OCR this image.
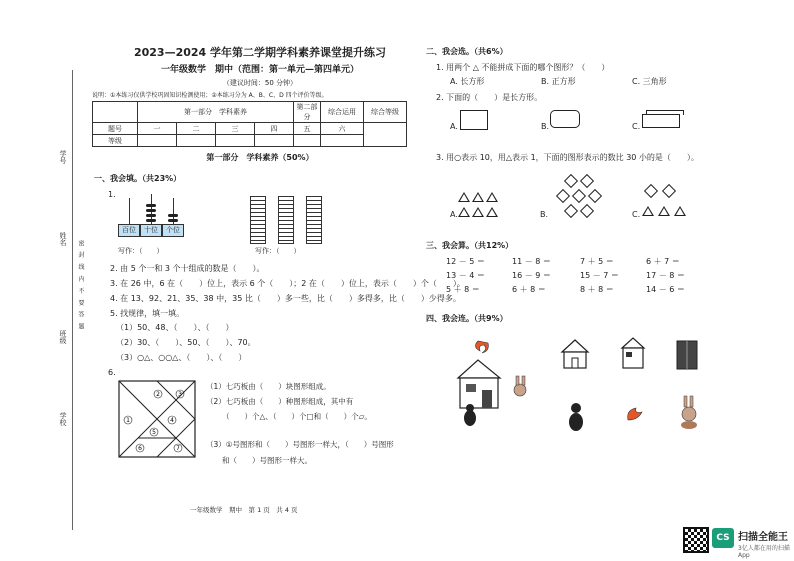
学号
姓名
班级
学校
密 封 线 内 不 要 答 题
2023—2024 学年第二学期学科素养课堂提升练习
一年级数学　期中（范围：第一单元—第四单元）
（建议时间：50 分钟）
说明：①本练习仅供学校巩固知识检测使用；②本练习分为 A、B、C、D 四个评价等级。
	第一部分　学科素养				第二部分	综合运用	综合等级
题号	一	二	三	四	五	六	
等级							
第一部分　学科素养（50%）
一、我会填。（共23%）
1.
百位	十位	个位
写作：（　　）	写作：（　　）
2. 由 5 个一和 3 个十组成的数是（　　）。
3. 在 26 中，6 在（　　）位上，表示 6 个（　　）；2 在（　　）位上，表示（　　）个（　　）。
4. 在 13、92、21、35、38 中，35 比（　　）多一些，比（　　）多得多，比（　　）少得多。
5. 找规律，填一填。
（1）50、48、（　　）、（　　）
（2）30、（　　）、50、（　　）、70。
（3）○△、○○△、（　　）、（　　）
6.
1
2	3
4
5
6	7
（1）七巧板由（　　）块图形组成。
（2）七巧板由（　　）种图形组成，其中有
（　　）个△、（　　）个□和（　　）个▱。
（3）①号图形和（　　）号图形一样大，（　　）号图形
和（　　）号图形一样大。
一年级数学　期中　第 1 页　共 4 页
二、我会选。（共6%）
1. 用两个 △ 不能拼成下面的哪个图形？（　　）
A. 长方形	B. 正方形	C. 三角形
2. 下面的（　　）是长方形。
A.	B.	C.
3. 用○表示 10，用△表示 1，下面的图形表示的数比 30 小的是（　　）。
A.	B.	C.
三、我会算。（共12%）
12 － 5 ＝	11 － 8 ＝	7 ＋ 5 ＝	6 ＋ 7 ＝
13 － 4 ＝	16 － 9 ＝	15 － 7 ＝	17 － 8 ＝
5 ＋ 8 ＝	6 ＋ 8 ＝	8 ＋ 8 ＝	14 － 6 ＝
四、我会连。（共9%）
CS 扫描全能王
3亿人都在用的扫描App
